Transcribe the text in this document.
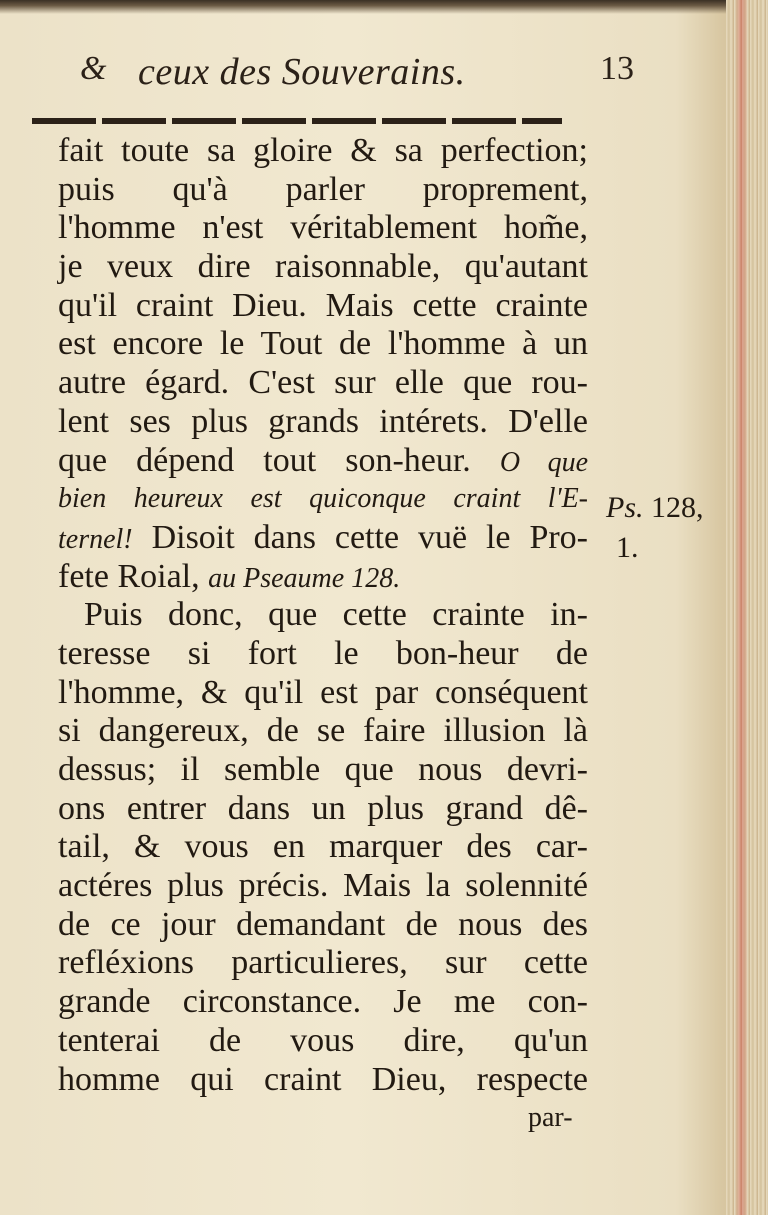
& ceux des Souverains.	13
fait toute sa gloire & sa perfection;
puis qu'à parler proprement,
l'homme n'est véritablement hom̃e,
je veux dire raisonnable, qu'autant
qu'il craint Dieu. Mais cette crainte
est encore le Tout de l'homme à un
autre égard. C'est sur elle que rou-
lent ses plus grands intérets. D'elle
que dépend tout son-heur. O que
bien heureux est quiconque craint l'E-
ternel! Disoit dans cette vuë le Pro-
fete Roial, au Pseaume 128.
Puis donc, que cette crainte in-
teresse si fort le bon-heur de
l'homme, & qu'il est par conséquent
si dangereux, de se faire illusion là
dessus; il semble que nous devri-
ons entrer dans un plus grand dê-
tail, & vous en marquer des car-
actéres plus précis. Mais la solennité
de ce jour demandant de nous des
refléxions particulieres, sur cette
grande circonstance. Je me con-
tenterai de vous dire, qu'un
homme qui craint Dieu, respecte
Ps. 128,
1.
par-
